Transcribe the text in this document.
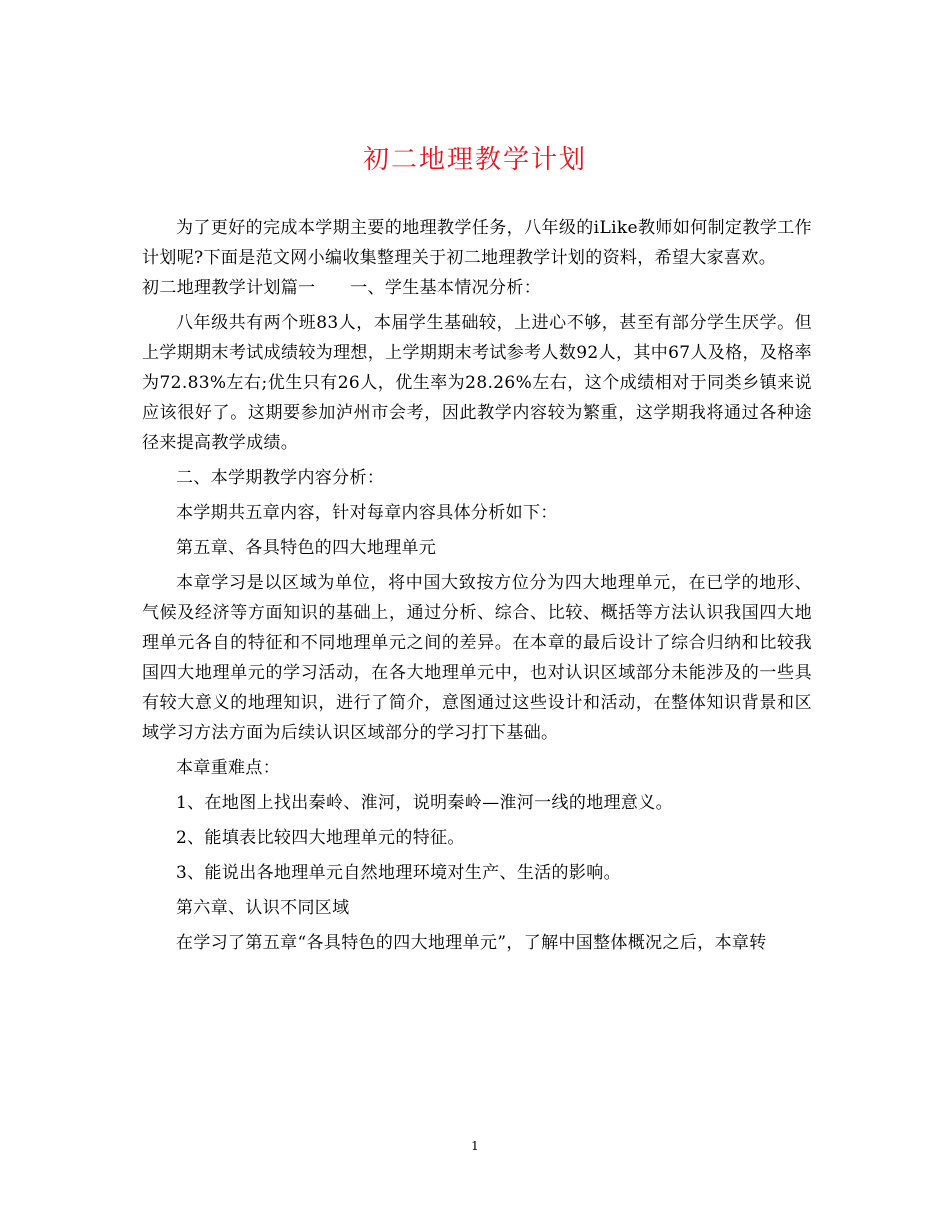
初二地理教学计划

为了更好的完成本学期主要的地理教学任务，八年级的iLike教师如何制定教学工作计划呢?下面是范文网小编收集整理关于初二地理教学计划的资料，希望大家喜欢。

初二地理教学计划篇一　　一、学生基本情况分析：

八年级共有两个班83人，本届学生基础较，上进心不够，甚至有部分学生厌学。但上学期期末考试成绩较为理想，上学期期末考试参考人数92人，其中67人及格，及格率为72.83%左右;优生只有26人，优生率为28.26%左右，这个成绩相对于同类乡镇来说应该很好了。这期要参加泸州市会考，因此教学内容较为繁重，这学期我将通过各种途径来提高教学成绩。

二、本学期教学内容分析：

本学期共五章内容，针对每章内容具体分析如下：

第五章、各具特色的四大地理单元

本章学习是以区域为单位，将中国大致按方位分为四大地理单元，在已学的地形、气候及经济等方面知识的基础上，通过分析、综合、比较、概括等方法认识我国四大地理单元各自的特征和不同地理单元之间的差异。在本章的最后设计了综合归纳和比较我国四大地理单元的学习活动，在各大地理单元中，也对认识区域部分未能涉及的一些具有较大意义的地理知识，进行了简介，意图通过这些设计和活动，在整体知识背景和区域学习方法方面为后续认识区域部分的学习打下基础。

本章重难点：

1、在地图上找出秦岭、淮河，说明秦岭—淮河一线的地理意义。

2、能填表比较四大地理单元的特征。

3、能说出各地理单元自然地理环境对生产、生活的影响。

第六章、认识不同区域

在学习了第五章“各具特色的四大地理单元”，了解中国整体概况之后，本章转

1
